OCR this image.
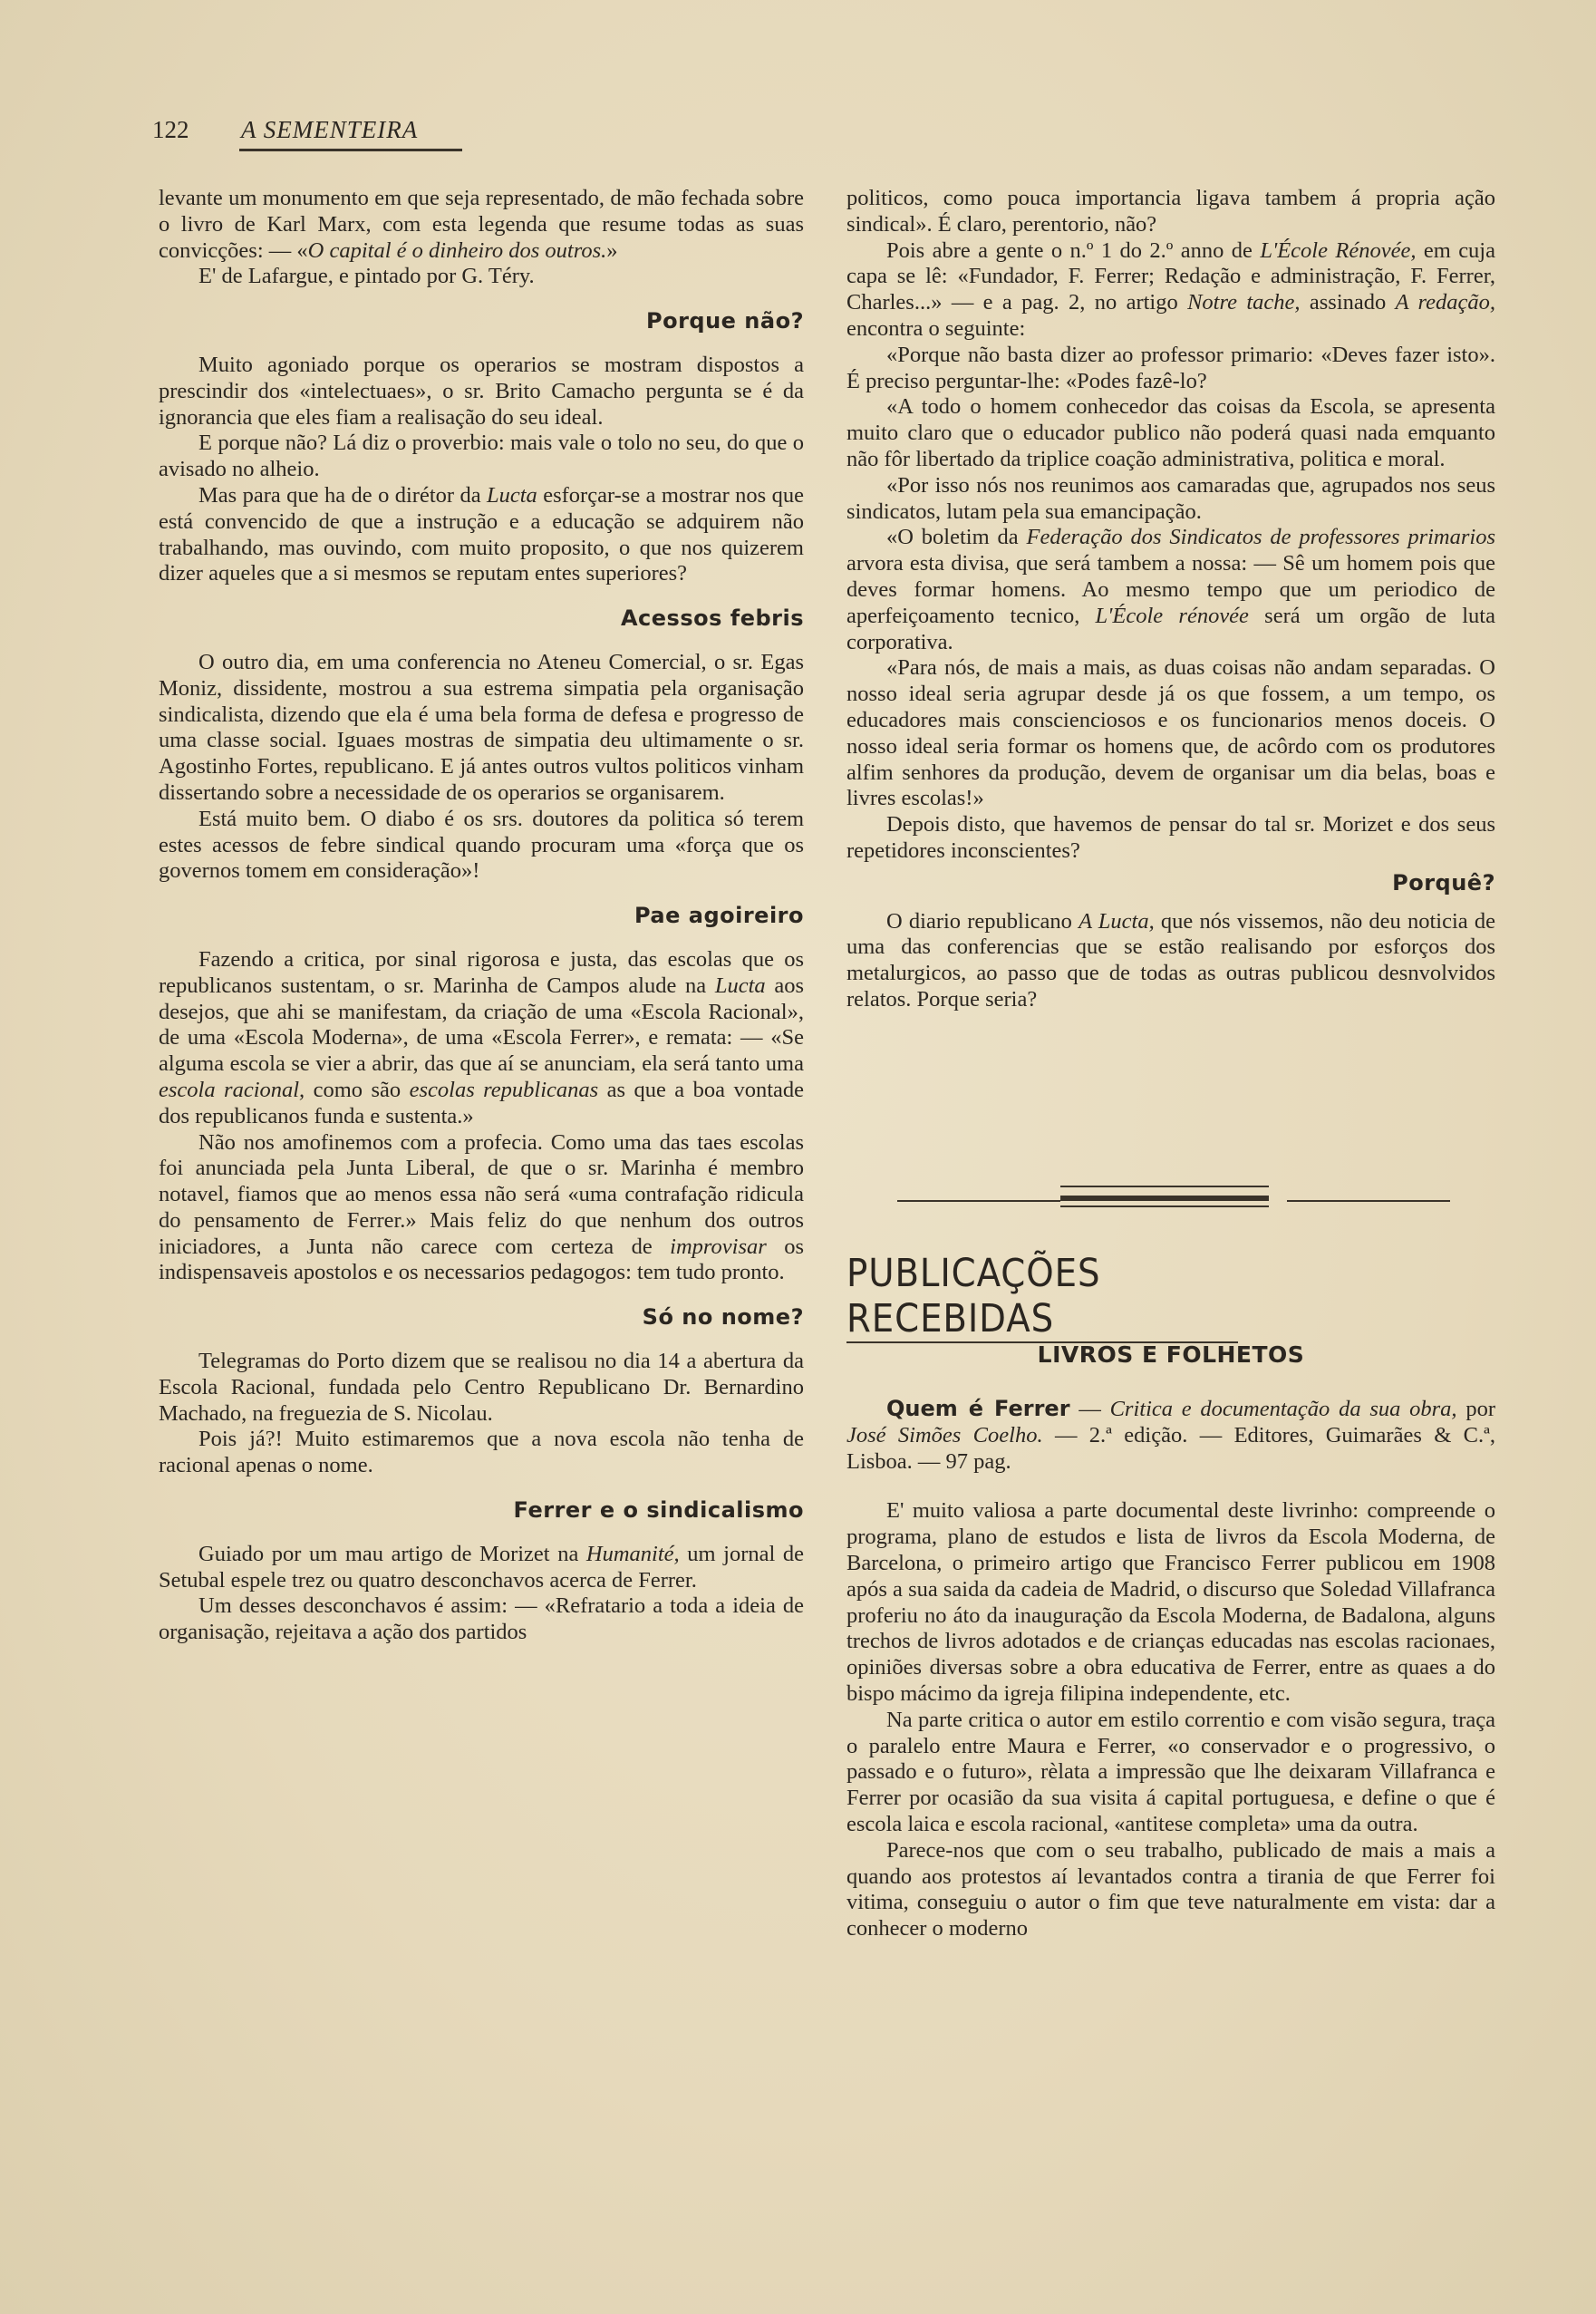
122 A SEMENTEIRA

levante um monumento em que seja representado, de mão fechada sobre o livro de Karl Marx, com esta legenda que resume todas as suas convicções: — «O capital é o dinheiro dos outros.»

E' de Lafargue, e pintado por G. Téry.

Porque não?

Muito agoniado porque os operarios se mostram dispostos a prescindir dos «intelectuaes», o sr. Brito Camacho pergunta se é da ignorancia que eles fiam a realisação do seu ideal.

E porque não? Lá diz o proverbio: mais vale o tolo no seu, do que o avisado no alheio.

Mas para que ha de o dirétor da Lucta esforçar-se a mostrar nos que está convencido de que a instrução e a educação se adquirem não trabalhando, mas ouvindo, com muito proposito, o que nos quizerem dizer aqueles que a si mesmos se reputam entes superiores?

Acessos febris

O outro dia, em uma conferencia no Ateneu Comercial, o sr. Egas Moniz, dissidente, mostrou a sua estrema simpatia pela organisação sindicalista, dizendo que ela é uma bela forma de defesa e progresso de uma classe social. Iguaes mostras de simpatia deu ultimamente o sr. Agostinho Fortes, republicano. E já antes outros vultos politicos vinham dissertando sobre a necessidade de os operarios se organisarem.

Está muito bem. O diabo é os srs. doutores da politica só terem estes acessos de febre sindical quando procuram uma «força que os governos tomem em consideração»!

Pae agoireiro

Fazendo a critica, por sinal rigorosa e justa, das escolas que os republicanos sustentam, o sr. Marinha de Campos alude na Lucta aos desejos, que ahi se manifestam, da criação de uma «Escola Racional», de uma «Escola Moderna», de uma «Escola Ferrer», e remata: — «Se alguma escola se vier a abrir, das que aí se anunciam, ela será tanto uma escola racional, como são escolas republicanas as que a boa vontade dos republicanos funda e sustenta.»

Não nos amofinemos com a profecia. Como uma das taes escolas foi anunciada pela Junta Liberal, de que o sr. Marinha é membro notavel, fiamos que ao menos essa não será «uma contrafação ridicula do pensamento de Ferrer.» Mais feliz do que nenhum dos outros iniciadores, a Junta não carece com certeza de improvisar os indispensaveis apostolos e os necessarios pedagogos: tem tudo pronto.

Só no nome?

Telegramas do Porto dizem que se realisou no dia 14 a abertura da Escola Racional, fundada pelo Centro Republicano Dr. Bernardino Machado, na freguezia de S. Nicolau.

Pois já?! Muito estimaremos que a nova escola não tenha de racional apenas o nome.

Ferrer e o sindicalismo

Guiado por um mau artigo de Morizet na Humanité, um jornal de Setubal espele trez ou quatro desconchavos acerca de Ferrer.

Um desses desconchavos é assim: — «Refratario a toda a ideia de organisação, rejeitava a ação dos partidos

politicos, como pouca importancia ligava tambem á propria ação sindical». É claro, perentorio, não?

Pois abre a gente o n.º 1 do 2.º anno de L'École Rénovée, em cuja capa se lê: «Fundador, F. Ferrer; Redação e administração, F. Ferrer, Charles...» — e a pag. 2, no artigo Notre tache, assinado A redação, encontra o seguinte:

«Porque não basta dizer ao professor primario: «Deves fazer isto». É preciso perguntar-lhe: «Podes fazê-lo?

«A todo o homem conhecedor das coisas da Escola, se apresenta muito claro que o educador publico não poderá quasi nada emquanto não fôr libertado da triplice coação administrativa, politica e moral.

«Por isso nós nos reunimos aos camaradas que, agrupados nos seus sindicatos, lutam pela sua emancipação.

«O boletim da Federação dos Sindicatos de professores primarios arvora esta divisa, que será tambem a nossa: — Sê um homem pois que deves formar homens. Ao mesmo tempo que um periodico de aperfeiçoamento tecnico, L'École rénovée será um orgão de luta corporativa.

«Para nós, de mais a mais, as duas coisas não andam separadas. O nosso ideal seria agrupar desde já os que fossem, a um tempo, os educadores mais conscienciosos e os funcionarios menos doceis. O nosso ideal seria formar os homens que, de acôrdo com os produtores alfim senhores da produção, devem de organisar um dia belas, boas e livres escolas!»

Depois disto, que havemos de pensar do tal sr. Morizet e dos seus repetidores inconscientes?

Porquê?

O diario republicano A Lucta, que nós vissemos, não deu noticia de uma das conferencias que se estão realisando por esforços dos metalurgicos, ao passo que de todas as outras publicou desnvolvidos relatos. Porque seria?

PUBLICAÇÕES RECEBIDAS
LIVROS E FOLHETOS

Quem é Ferrer — Critica e documentação da sua obra, por José Simões Coelho. — 2.ª edição. — Editores, Guimarães & C.ª, Lisboa. — 97 pag.

E' muito valiosa a parte documental deste livrinho: compreende o programa, plano de estudos e lista de livros da Escola Moderna, de Barcelona, o primeiro artigo que Francisco Ferrer publicou em 1908 após a sua saida da cadeia de Madrid, o discurso que Soledad Villafranca proferiu no áto da inauguração da Escola Moderna, de Badalona, alguns trechos de livros adotados e de crianças educadas nas escolas racionaes, opiniões diversas sobre a obra educativa de Ferrer, entre as quaes a do bispo mácimo da igreja filipina independente, etc.

Na parte critica o autor em estilo correntio e com visão segura, traça o paralelo entre Maura e Ferrer, «o conservador e o progressivo, o passado e o futuro», rèlata a impressão que lhe deixaram Villafranca e Ferrer por ocasião da sua visita á capital portuguesa, e define o que é escola laica e escola racional, «antitese completa» uma da outra.

Parece-nos que com o seu trabalho, publicado de mais a mais a quando aos protestos aí levantados contra a tirania de que Ferrer foi vitima, conseguiu o autor o fim que teve naturalmente em vista: dar a conhecer o moderno
